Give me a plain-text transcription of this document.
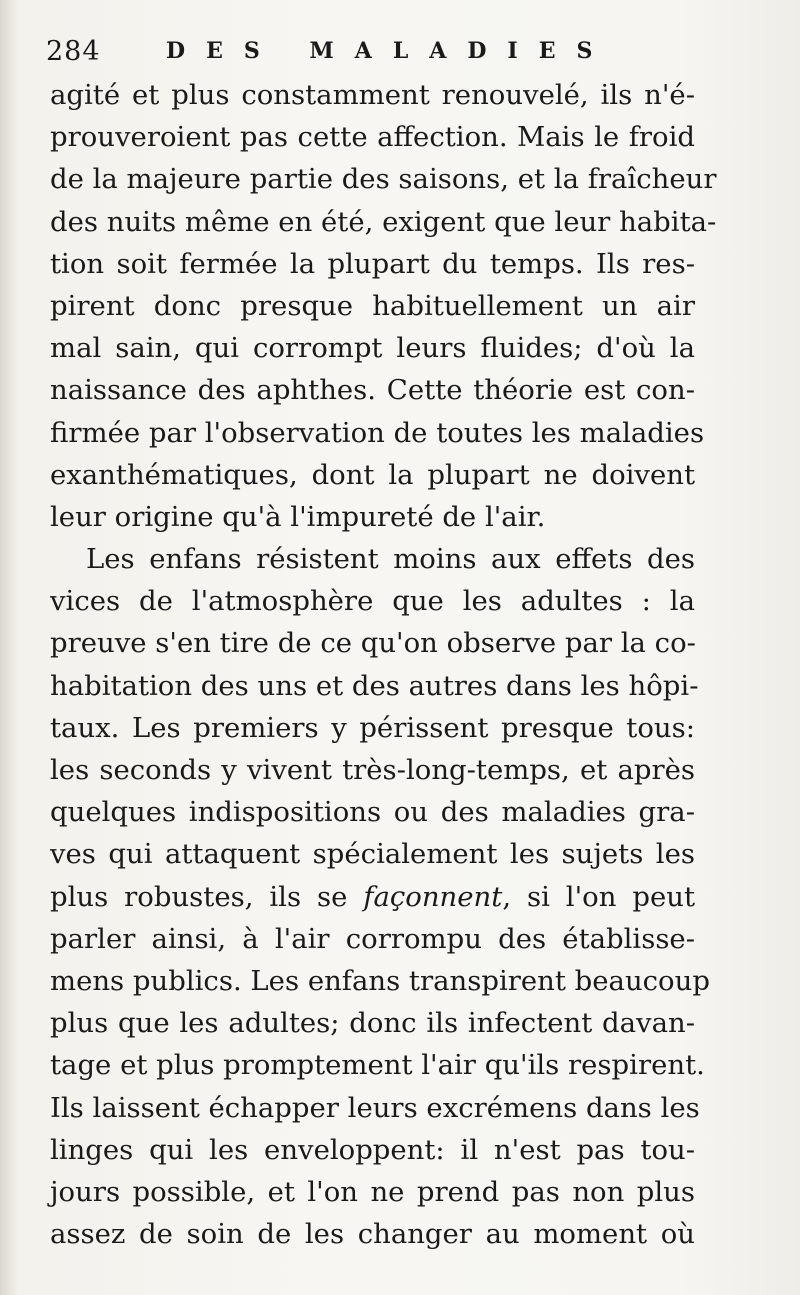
284	DES MALADIES
agité et plus constamment renouvelé, ils n'é-
prouveroient pas cette affection. Mais le froid
de la majeure partie des saisons, et la fraîcheur
des nuits même en été, exigent que leur habita-
tion soit fermée la plupart du temps. Ils res-
pirent donc presque habituellement un air
mal sain, qui corrompt leurs fluides; d'où la
naissance des aphthes. Cette théorie est con-
firmée par l'observation de toutes les maladies
exanthématiques, dont la plupart ne doivent
leur origine qu'à l'impureté de l'air.
Les enfans résistent moins aux effets des
vices de l'atmosphère que les adultes : la
preuve s'en tire de ce qu'on observe par la co-
habitation des uns et des autres dans les hôpi-
taux. Les premiers y périssent presque tous:
les seconds y vivent très-long-temps, et après
quelques indispositions ou des maladies gra-
ves qui attaquent spécialement les sujets les
plus robustes, ils se façonnent, si l'on peut
parler ainsi, à l'air corrompu des établisse-
mens publics. Les enfans transpirent beaucoup
plus que les adultes; donc ils infectent davan-
tage et plus promptement l'air qu'ils respirent.
Ils laissent échapper leurs excrémens dans les
linges qui les enveloppent: il n'est pas tou-
jours possible, et l'on ne prend pas non plus
assez de soin de les changer au moment où
